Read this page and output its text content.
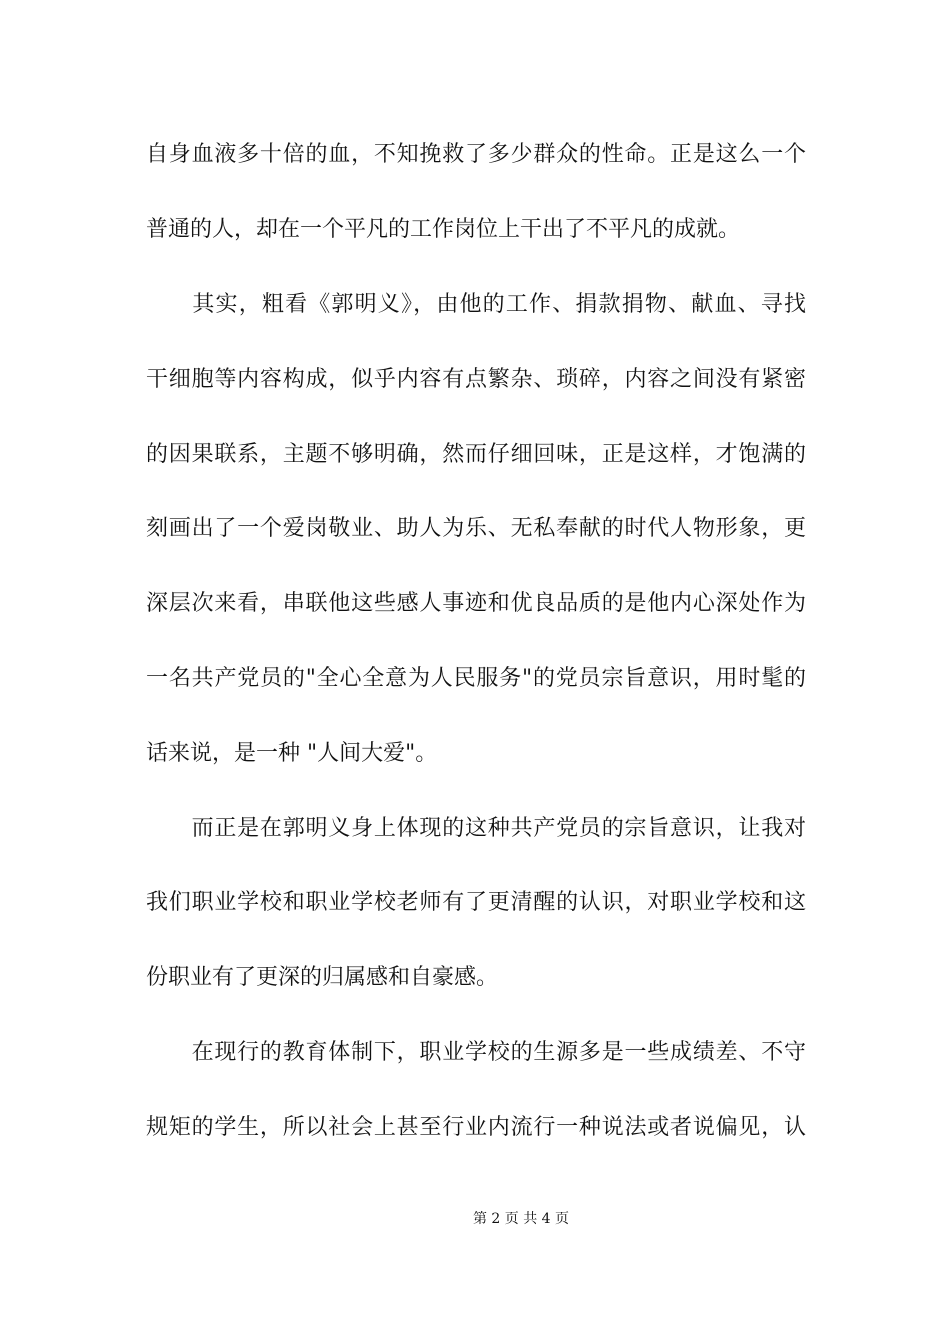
自身血液多十倍的血，不知挽救了多少群众的性命。正是这么一个
普通的人，却在一个平凡的工作岗位上干出了不平凡的成就。
　　其实，粗看《郭明义》，由他的工作、捐款捐物、献血、寻找
干细胞等内容构成，似乎内容有点繁杂、琐碎，内容之间没有紧密
的因果联系，主题不够明确，然而仔细回味，正是这样，才饱满的
刻画出了一个爱岗敬业、助人为乐、无私奉献的时代人物形象，更
深层次来看，串联他这些感人事迹和优良品质的是他内心深处作为
一名共产党员的"全心全意为人民服务"的党员宗旨意识，用时髦的
话来说，是一种 "人间大爱"。
　　而正是在郭明义身上体现的这种共产党员的宗旨意识，让我对
我们职业学校和职业学校老师有了更清醒的认识，对职业学校和这
份职业有了更深的归属感和自豪感。
　　在现行的教育体制下，职业学校的生源多是一些成绩差、不守
规矩的学生，所以社会上甚至行业内流行一种说法或者说偏见，认
第 2 页 共 4 页
